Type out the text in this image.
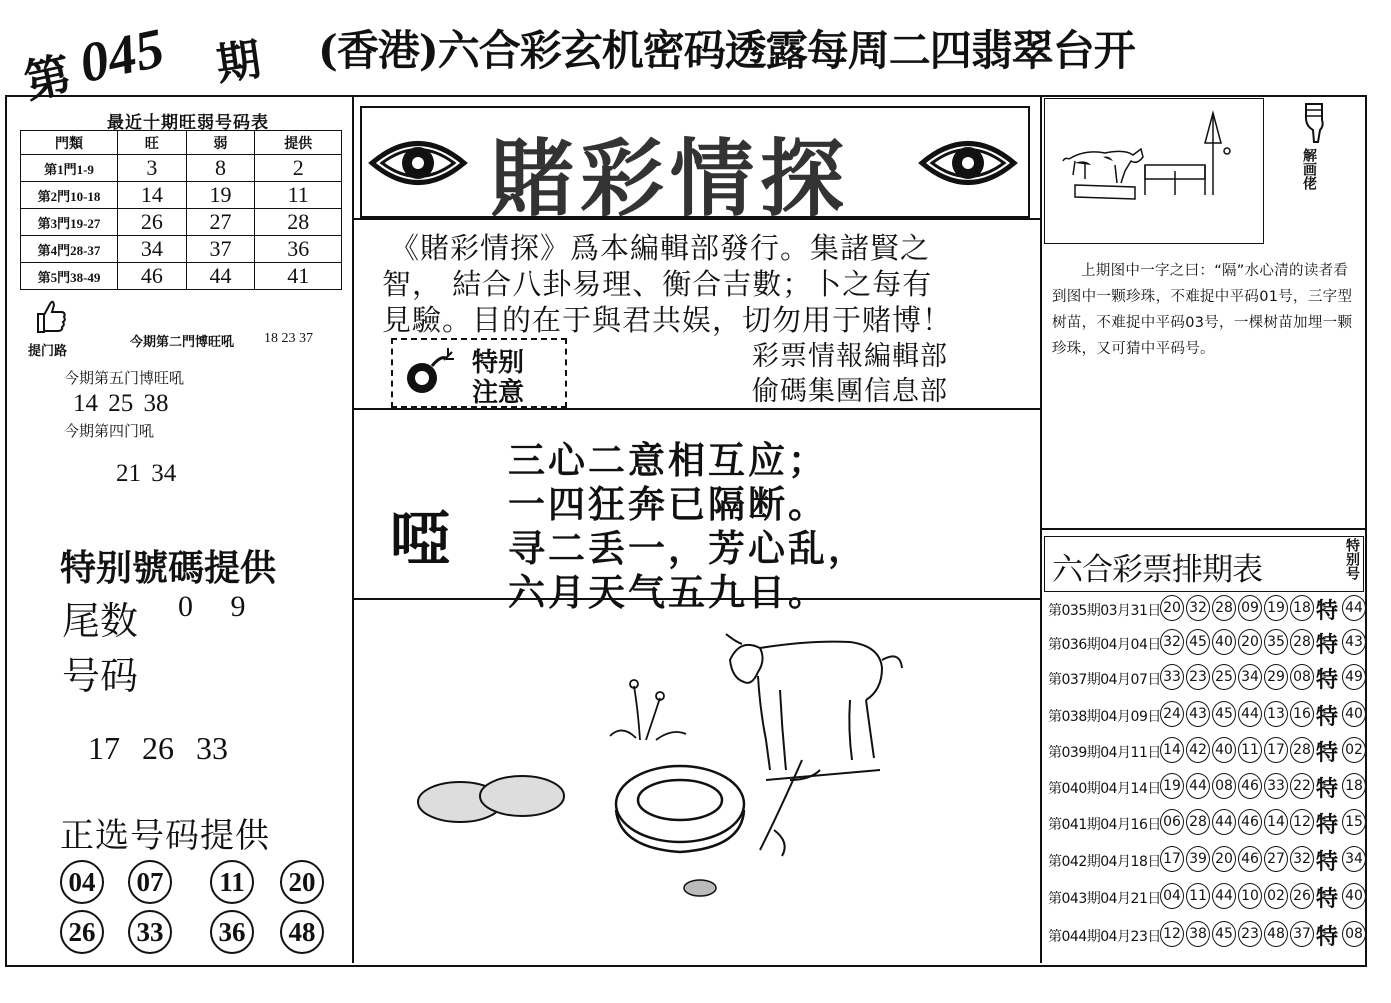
第
045 期 (香港)六合彩玄机密码透露每周二四翡翠台开
最近十期旺弱号码表
門類	旺	弱	提供
第1門1-9	3	8	2
第2門10-18	14	19	11
第3門19-27	26	27	28
第4門28-37	34	37	36
第5門38-49	46	44	41
提门路
今期第二門博旺吼 18 23 37
今期第五门博旺吼
14 25 38
今期第四门吼
21 34
特别號碼提供
尾数 0 9
号码
17 26 33
正选号码提供
04	07	11	20
26	33	36	48
賭彩情探
《賭彩情探》爲本編輯部發行。集諸賢之
智， 結合八卦易理、衡合吉數；卜之每有
見驗。目的在于與君共娱，切勿用于赌博！
特别
注意
彩票情報編輯部
偷碼集團信息部
啞
三心二意相互应；
一四狂奔已隔断。
寻二丢一，芳心乱，
六月天气五九日。
解画佬
上期图中一字之曰：“隔”水心清的读者看到图中一颗珍珠，不难捉中平码01号，三字型树苗，不难捉中平码03号，一棵树苗加埋一颗珍珠，又可猜中平码号。
六合彩票排期表	特别号
第035期03月31日 20 32 28 09 19 18 特 44
第036期04月04日 32 45 40 20 35 28 特 43
第037期04月07日 33 23 25 34 29 08 特 49
第038期04月09日 24 43 45 44 13 16 特 40
第039期04月11日 14 42 40 11 17 28 特 02
第040期04月14日 19 44 08 46 33 22 特 18
第041期04月16日 06 28 44 46 14 12 特 15
第042期04月18日 17 39 20 46 27 32 特 34
第043期04月21日 04 11 44 10 02 26 特 40
第044期04月23日 12 38 45 23 48 37 特 08
